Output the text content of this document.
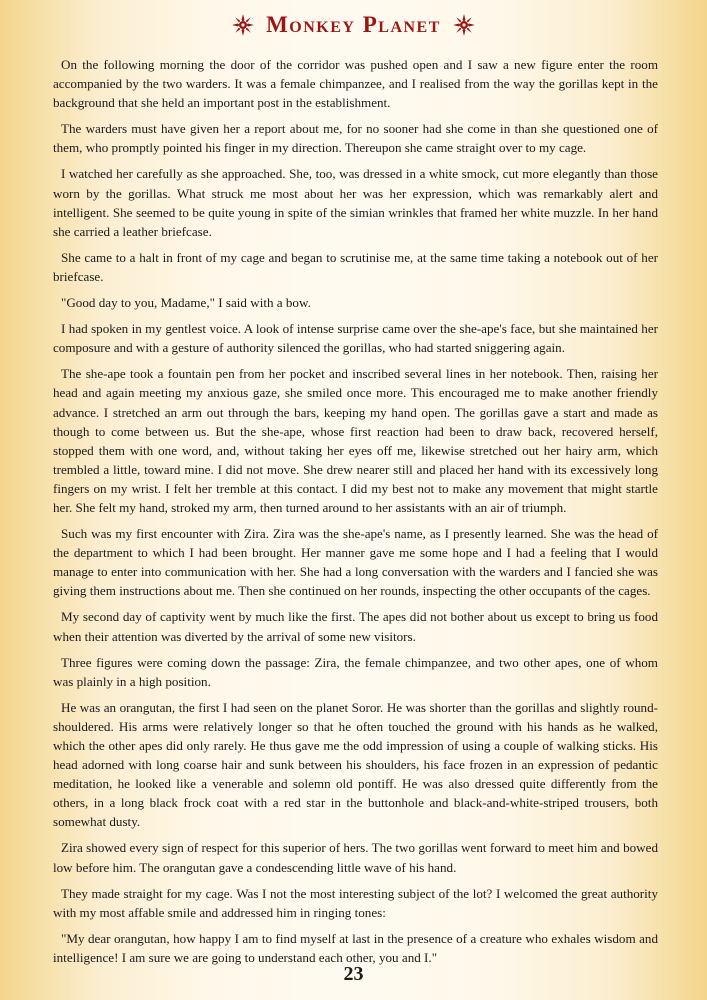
Monkey Planet

On the following morning the door of the corridor was pushed open and I saw a new figure enter the room accompanied by the two warders. It was a female chimpanzee, and I realised from the way the gorillas kept in the background that she held an important post in the establishment.

The warders must have given her a report about me, for no sooner had she come in than she questioned one of them, who promptly pointed his finger in my direction. Thereupon she came straight over to my cage.

I watched her carefully as she approached. She, too, was dressed in a white smock, cut more elegantly than those worn by the gorillas. What struck me most about her was her expression, which was remarkably alert and intelligent. She seemed to be quite young in spite of the simian wrinkles that framed her white muzzle. In her hand she carried a leather briefcase.

She came to a halt in front of my cage and began to scrutinise me, at the same time taking a notebook out of her briefcase.

"Good day to you, Madame," I said with a bow.

I had spoken in my gentlest voice. A look of intense surprise came over the she-ape's face, but she maintained her composure and with a gesture of authority silenced the gorillas, who had started sniggering again.

The she-ape took a fountain pen from her pocket and inscribed several lines in her notebook. Then, raising her head and again meeting my anxious gaze, she smiled once more. This encouraged me to make another friendly advance. I stretched an arm out through the bars, keeping my hand open. The gorillas gave a start and made as though to come between us. But the she-ape, whose first reaction had been to draw back, recovered herself, stopped them with one word, and, without taking her eyes off me, likewise stretched out her hairy arm, which trembled a little, toward mine. I did not move. She drew nearer still and placed her hand with its excessively long fingers on my wrist. I felt her tremble at this contact. I did my best not to make any movement that might startle her. She felt my hand, stroked my arm, then turned around to her assistants with an air of triumph.

Such was my first encounter with Zira. Zira was the she-ape's name, as I presently learned. She was the head of the department to which I had been brought. Her manner gave me some hope and I had a feeling that I would manage to enter into communication with her. She had a long conversation with the warders and I fancied she was giving them instructions about me. Then she continued on her rounds, inspecting the other occupants of the cages.

My second day of captivity went by much like the first. The apes did not bother about us except to bring us food when their attention was diverted by the arrival of some new visitors.

Three figures were coming down the passage: Zira, the female chimpanzee, and two other apes, one of whom was plainly in a high position.

He was an orangutan, the first I had seen on the planet Soror. He was shorter than the gorillas and slightly round-shouldered. His arms were relatively longer so that he often touched the ground with his hands as he walked, which the other apes did only rarely. He thus gave me the odd impression of using a couple of walking sticks. His head adorned with long coarse hair and sunk between his shoulders, his face frozen in an expression of pedantic meditation, he looked like a venerable and solemn old pontiff. He was also dressed quite differently from the others, in a long black frock coat with a red star in the buttonhole and black-and-white-striped trousers, both somewhat dusty.

Zira showed every sign of respect for this superior of hers. The two gorillas went forward to meet him and bowed low before him. The orangutan gave a condescending little wave of his hand.

They made straight for my cage. Was I not the most interesting subject of the lot? I welcomed the great authority with my most affable smile and addressed him in ringing tones:

"My dear orangutan, how happy I am to find myself at last in the presence of a creature who exhales wisdom and intelligence! I am sure we are going to understand each other, you and I."

23
